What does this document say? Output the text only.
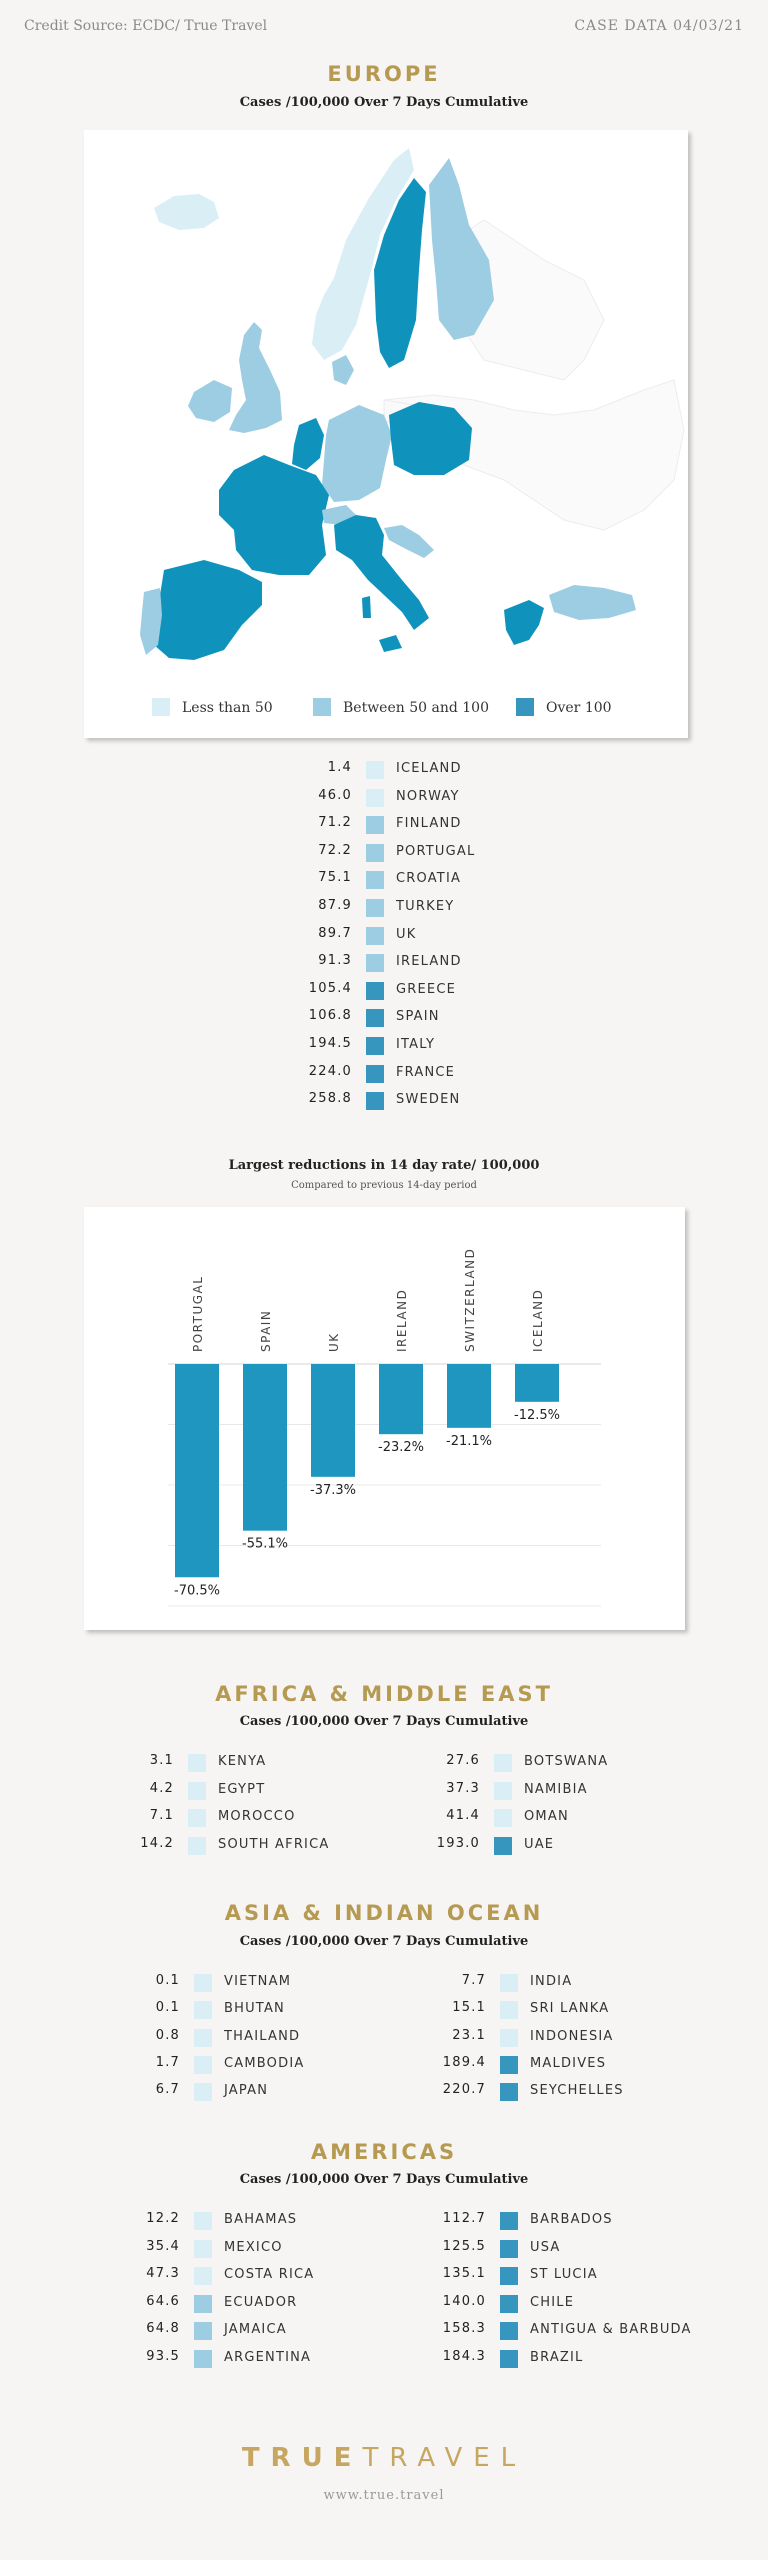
Credit Source: ECDC/ True Travel	CASE DATA 04/03/21
EUROPE
Cases /100,000 Over 7 Days Cumulative
Less than 50	Between 50 and 100	Over 100
1.4	ICELAND
46.0	NORWAY
71.2	FINLAND
72.2	PORTUGAL
75.1	CROATIA
87.9	TURKEY
89.7	UK
91.3	IRELAND
105.4	GREECE
106.8	SPAIN
194.5	ITALY
224.0	FRANCE
258.8	SWEDEN
Largest reductions in 14 day rate/ 100,000
Compared to previous 14-day period
-70.5%
PORTUGAL
-55.1%
SPAIN
-37.3%
UK
-23.2%
IRELAND
-21.1%
SWITZERLAND
-12.5%
ICELAND
AFRICA & MIDDLE EAST
Cases /100,000 Over 7 Days Cumulative
3.1	KENYA
4.2	EGYPT
7.1	MOROCCO
14.2	SOUTH AFRICA
27.6	BOTSWANA
37.3	NAMIBIA
41.4	OMAN
193.0	UAE
ASIA & INDIAN OCEAN
Cases /100,000 Over 7 Days Cumulative
0.1	VIETNAM
0.1	BHUTAN
0.8	THAILAND
1.7	CAMBODIA
6.7	JAPAN
7.7	INDIA
15.1	SRI LANKA
23.1	INDONESIA
189.4	MALDIVES
220.7	SEYCHELLES
AMERICAS
Cases /100,000 Over 7 Days Cumulative
12.2	BAHAMAS
35.4	MEXICO
47.3	COSTA RICA
64.6	ECUADOR
64.8	JAMAICA
93.5	ARGENTINA
112.7	BARBADOS
125.5	USA
135.1	ST LUCIA
140.0	CHILE
158.3	ANTIGUA & BARBUDA
184.3	BRAZIL
TRUETRAVEL
www.true.travel
